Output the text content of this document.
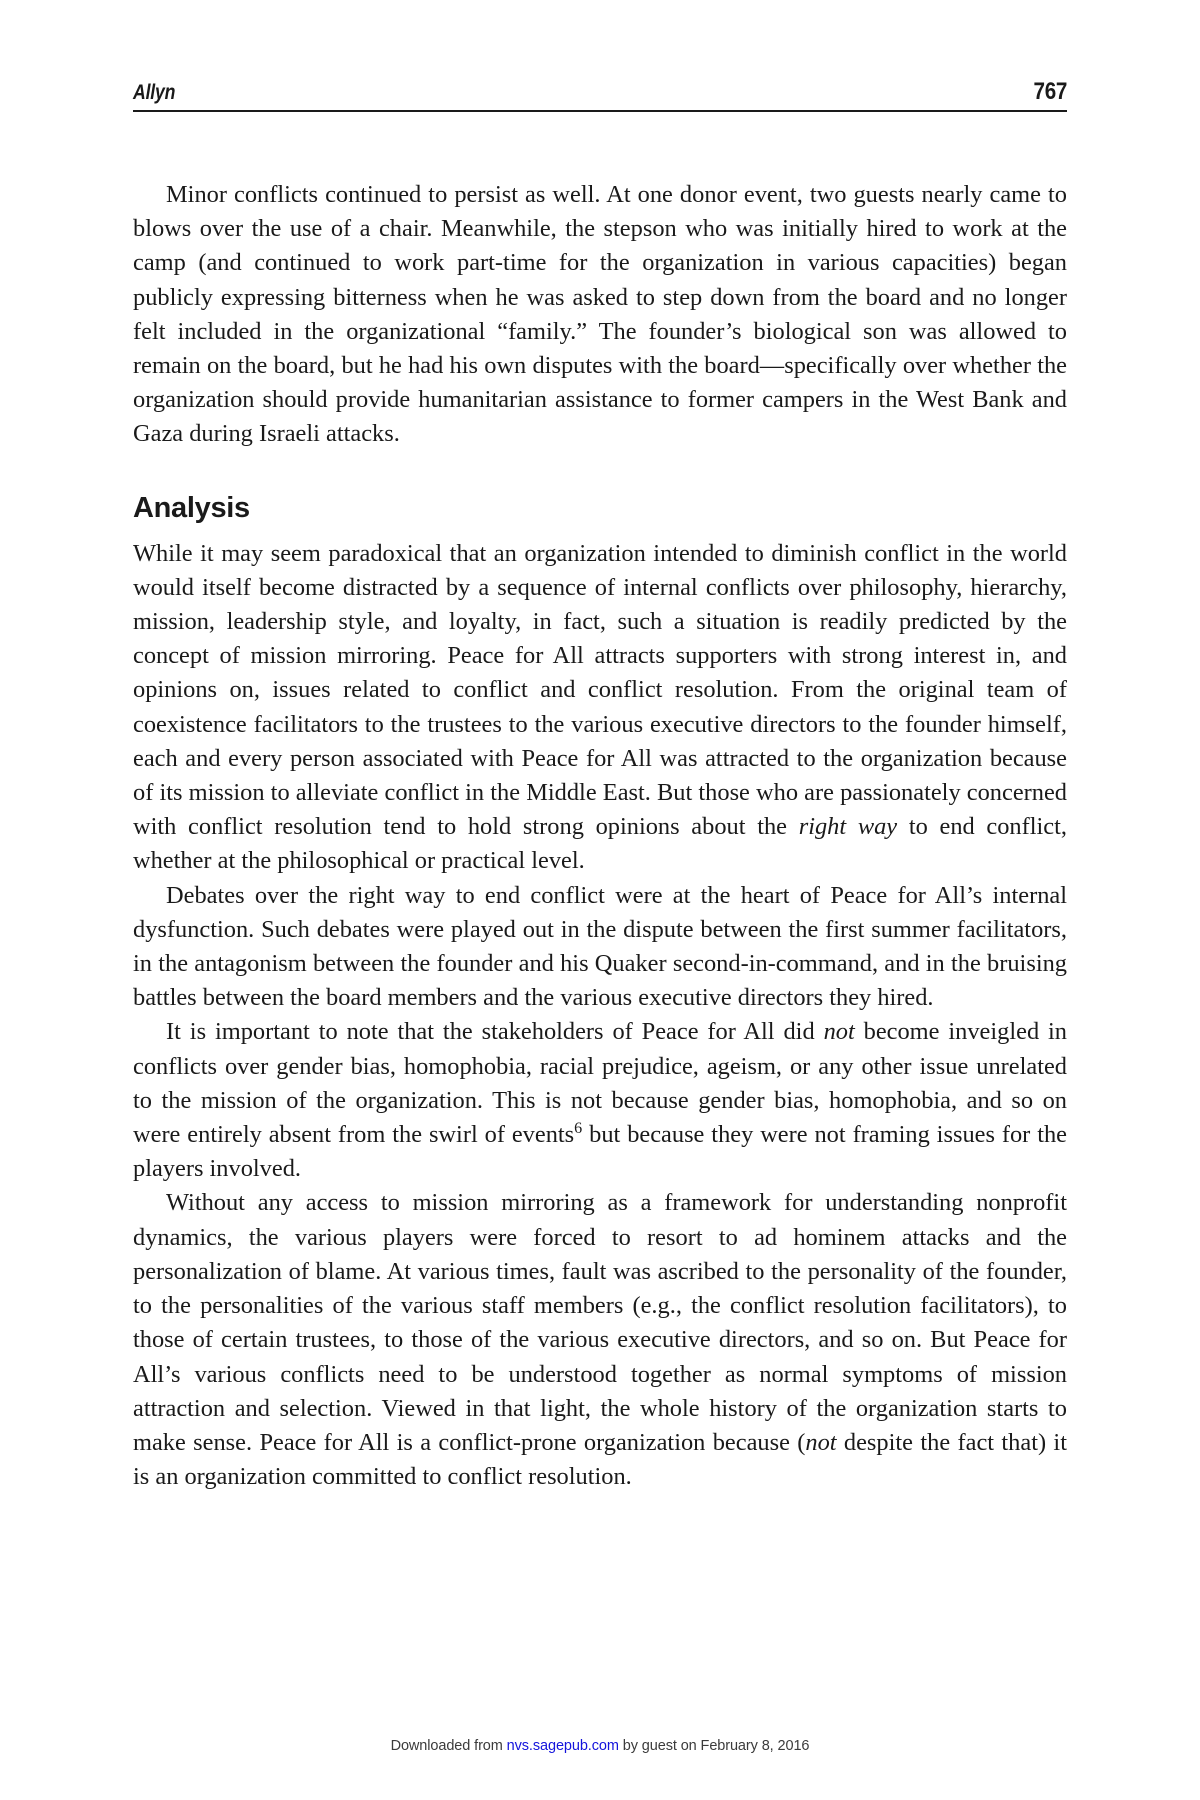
Allyn	767

Minor conflicts continued to persist as well. At one donor event, two guests nearly came to blows over the use of a chair. Meanwhile, the stepson who was initially hired to work at the camp (and continued to work part-time for the organization in various capacities) began publicly expressing bitterness when he was asked to step down from the board and no longer felt included in the organizational “family.” The founder’s biological son was allowed to remain on the board, but he had his own disputes with the board—specifically over whether the organization should provide humanitarian assistance to former campers in the West Bank and Gaza during Israeli attacks.

Analysis

While it may seem paradoxical that an organization intended to diminish conflict in the world would itself become distracted by a sequence of internal conflicts over philosophy, hierarchy, mission, leadership style, and loyalty, in fact, such a situation is readily predicted by the concept of mission mirroring. Peace for All attracts supporters with strong interest in, and opinions on, issues related to conflict and conflict resolution. From the original team of coexistence facilitators to the trustees to the various executive directors to the founder himself, each and every person associated with Peace for All was attracted to the organization because of its mission to alleviate conflict in the Middle East. But those who are passionately concerned with conflict resolution tend to hold strong opinions about the right way to end conflict, whether at the philosophical or practical level.

Debates over the right way to end conflict were at the heart of Peace for All’s internal dysfunction. Such debates were played out in the dispute between the first summer facilitators, in the antagonism between the founder and his Quaker second-in-command, and in the bruising battles between the board members and the various executive directors they hired.

It is important to note that the stakeholders of Peace for All did not become inveigled in conflicts over gender bias, homophobia, racial prejudice, ageism, or any other issue unrelated to the mission of the organization. This is not because gender bias, homophobia, and so on were entirely absent from the swirl of events$^6$ but because they were not framing issues for the players involved.

Without any access to mission mirroring as a framework for understanding nonprofit dynamics, the various players were forced to resort to ad hominem attacks and the personalization of blame. At various times, fault was ascribed to the personality of the founder, to the personalities of the various staff members (e.g., the conflict resolution facilitators), to those of certain trustees, to those of the various executive directors, and so on. But Peace for All’s various conflicts need to be understood together as normal symptoms of mission attraction and selection. Viewed in that light, the whole history of the organization starts to make sense. Peace for All is a conflict-prone organization because (not despite the fact that) it is an organization committed to conflict resolution.

Downloaded from nvs.sagepub.com by guest on February 8, 2016
